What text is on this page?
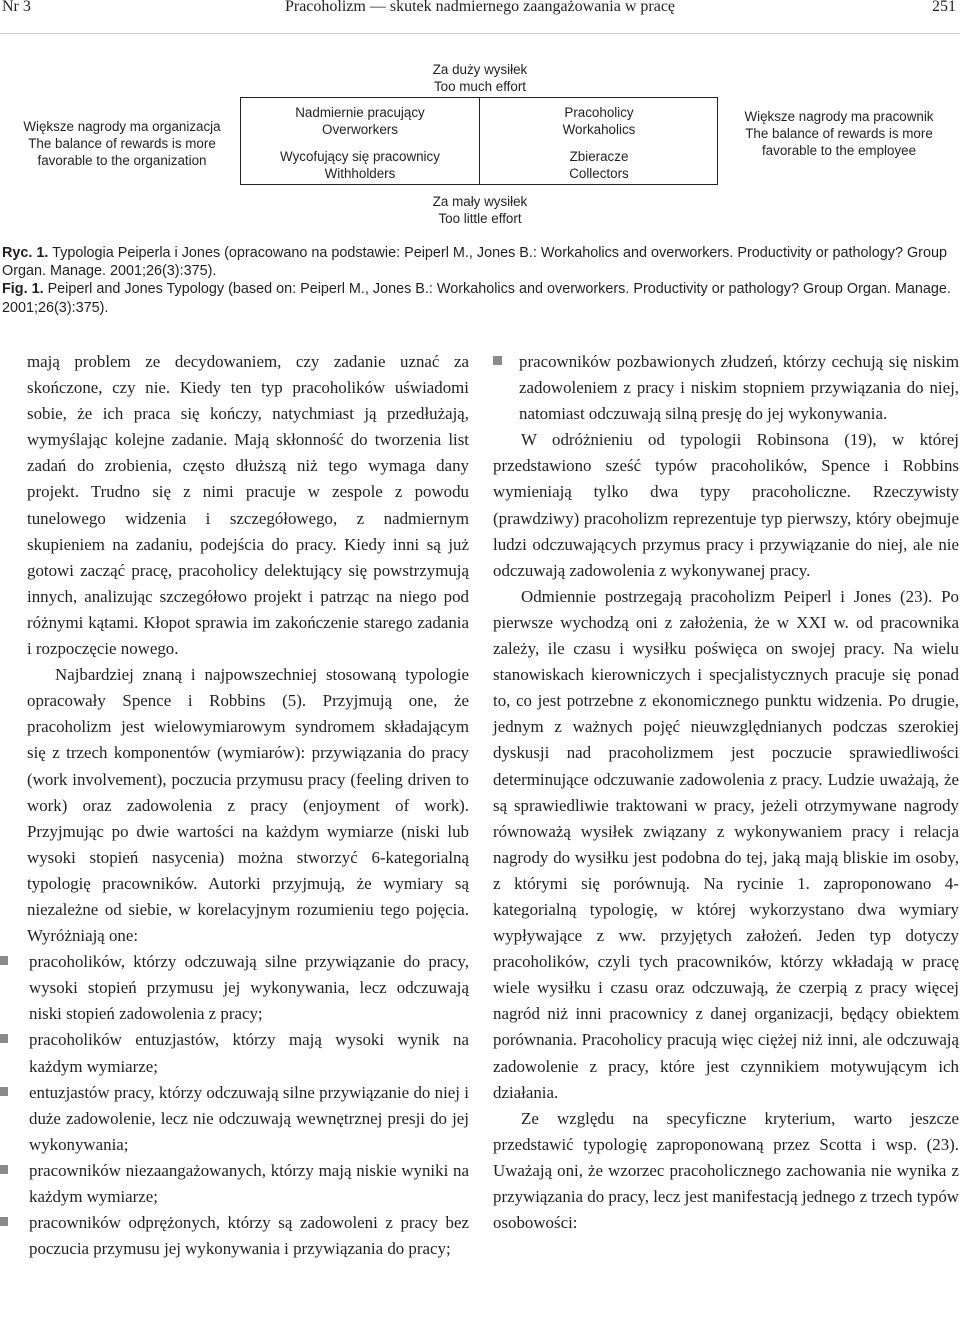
Nr 3	Pracoholizm — skutek nadmiernego zaangażowania w pracę	251
Większe nagrody ma organizacja
The balance of rewards is more
favorable to the organization
Większe nagrody ma pracownik
The balance of rewards is more
favorable to the employee
Za duży wysiłek
Too much effort
Nadmiernie pracujący
Overworkers
Wycofujący się pracownicy
Withholders
Pracoholicy
Workaholics
Zbieracze
Collectors
Za mały wysiłek
Too little effort

Ryc. 1. Typologia Peiperla i Jones (opracowano na podstawie: Peiperl M., Jones B.: Workaholics and overworkers. Productivity or pathology? Group Organ. Manage. 2001;26(3):375).

Fig. 1. Peiperl and Jones Typology (based on: Peiperl M., Jones B.: Workaholics and overworkers. Productivity or pathology? Group Organ. Manage. 2001;26(3):375).

mają problem ze decydowaniem, czy zadanie uznać za skończone, czy nie. Kiedy ten typ pracoholików uświadomi sobie, że ich praca się kończy, natychmiast ją przedłużają, wymyślając kolejne zadanie. Mają skłonność do tworzenia list zadań do zrobienia, często dłuższą niż tego wymaga dany projekt. Trudno się z nimi pracuje w zespole z powodu tunelowego widzenia i szczegółowego, z nadmiernym skupieniem na zadaniu, podejścia do pracy. Kiedy inni są już gotowi zacząć pracę, pracoholicy delektujący się powstrzymują innych, analizując szczegółowo projekt i patrząc na niego pod różnymi kątami. Kłopot sprawia im zakończenie starego zadania i rozpoczęcie nowego.

Najbardziej znaną i najpowszechniej stosowaną typologie opracowały Spence i Robbins (5). Przyjmują one, że pracoholizm jest wielowymiarowym syndromem składającym się z trzech komponentów (wymiarów): przywiązania do pracy (work involvement), poczucia przymusu pracy (feeling driven to work) oraz zadowolenia z pracy (enjoyment of work). Przyjmując po dwie wartości na każdym wymiarze (niski lub wysoki stopień nasycenia) można stworzyć 6-kategorialną typologię pracowników. Autorki przyjmują, że wymiary są niezależne od siebie, w korelacyjnym rozumieniu tego pojęcia. Wyróżniają one:

pracoholików, którzy odczuwają silne przywiązanie do pracy, wysoki stopień przymusu jej wykonywania, lecz odczuwają niski stopień zadowolenia z pracy;
pracoholików entuzjastów, którzy mają wysoki wynik na każdym wymiarze;
entuzjastów pracy, którzy odczuwają silne przywiązanie do niej i duże zadowolenie, lecz nie odczuwają wewnętrznej presji do jej wykonywania;
pracowników niezaangażowanych, którzy mają niskie wyniki na każdym wymiarze;
pracowników odprężonych, którzy są zadowoleni z pracy bez poczucia przymusu jej wykonywania i przywiązania do pracy;
pracowników pozbawionych złudzeń, którzy cechują się niskim zadowoleniem z pracy i niskim stopniem przywiązania do niej, natomiast odczuwają silną presję do jej wykonywania.

W odróżnieniu od typologii Robinsona (19), w której przedstawiono sześć typów pracoholików, Spence i Robbins wymieniają tylko dwa typy pracoholiczne. Rzeczywisty (prawdziwy) pracoholizm reprezentuje typ pierwszy, który obejmuje ludzi odczuwających przymus pracy i przywiązanie do niej, ale nie odczuwają zadowolenia z wykonywanej pracy.

Odmiennie postrzegają pracoholizm Peiperl i Jones (23). Po pierwsze wychodzą oni z założenia, że w XXI w. od pracownika zależy, ile czasu i wysiłku poświęca on swojej pracy. Na wielu stanowiskach kierowniczych i specjalistycznych pracuje się ponad to, co jest potrzebne z ekonomicznego punktu widzenia. Po drugie, jednym z ważnych pojęć nieuwzględnianych podczas szerokiej dyskusji nad pracoholizmem jest poczucie sprawiedliwości determinujące odczuwanie zadowolenia z pracy. Ludzie uważają, że są sprawiedliwie traktowani w pracy, jeżeli otrzymywane nagrody równoważą wysiłek związany z wykonywaniem pracy i relacja nagrody do wysiłku jest podobna do tej, jaką mają bliskie im osoby, z którymi się porównują. Na rycinie 1. zaproponowano 4-kategorialną typologię, w której wykorzystano dwa wymiary wypływające z ww. przyjętych założeń. Jeden typ dotyczy pracoholików, czyli tych pracowników, którzy wkładają w pracę wiele wysiłku i czasu oraz odczuwają, że czerpią z pracy więcej nagród niż inni pracownicy z danej organizacji, będący obiektem porównania. Pracoholicy pracują więc ciężej niż inni, ale odczuwają zadowolenie z pracy, które jest czynnikiem motywującym ich działania.

Ze względu na specyficzne kryterium, warto jeszcze przedstawić typologię zaproponowaną przez Scotta i wsp. (23). Uważają oni, że wzorzec pracoholicznego zachowania nie wynika z przywiązania do pracy, lecz jest manifestacją jednego z trzech typów osobowości:
